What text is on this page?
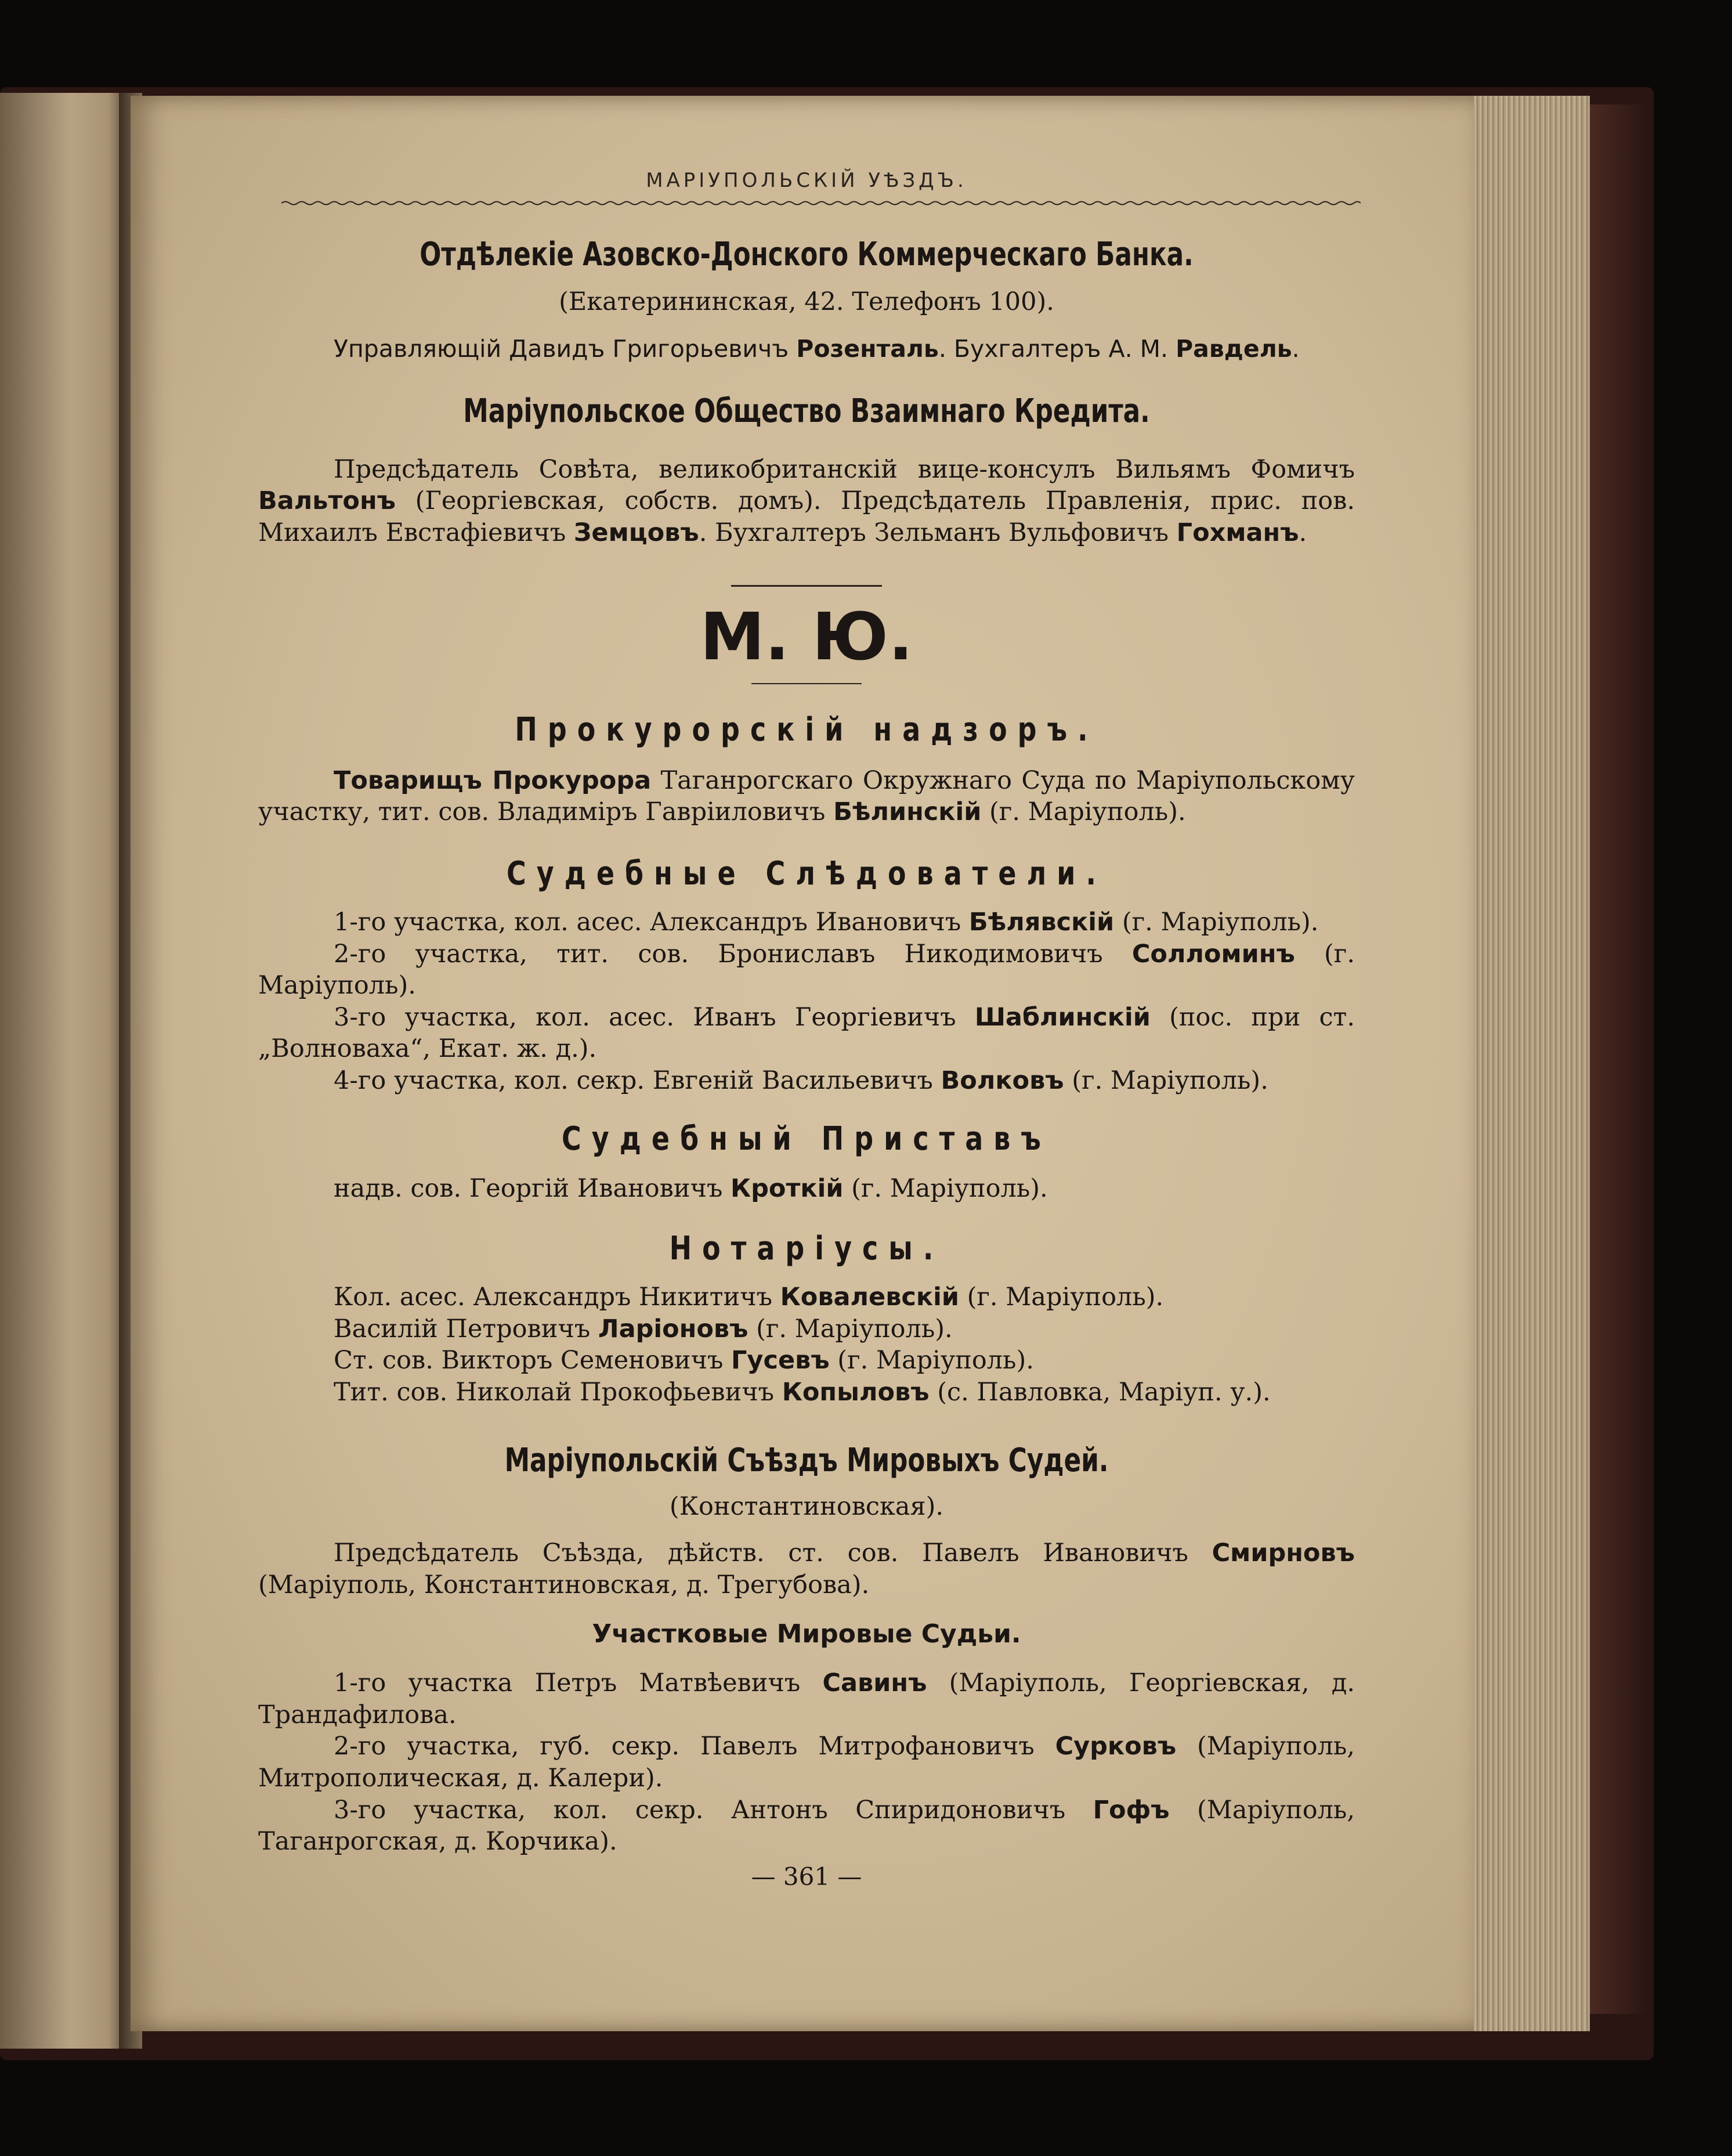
МАРІУПОЛЬСКІЙ УѢЗДЪ.
Отдѣлекіе Азовско-Донского Коммерческаго Банка.
(Екатерининская, 42. Телефонъ 100).

Управляющій Давидъ Григорьевичъ Розенталь. Бухгалтеръ А. М. Равдель.

Маріупольское Общество Взаимнаго Кредита.

Предсѣдатель Совѣта, великобританскій вице-консулъ Вильямъ Фомичъ Вальтонъ (Георгіевская, собств. домъ). Предсѣдатель Правленія, прис. пов. Михаилъ Евстафіевичъ Земцовъ. Бухгалтеръ Зельманъ Вульфовичъ Гохманъ.

М. Ю.
Прокурорскій надзоръ.

Товарищъ Прокурора Таганрогскаго Окружнаго Суда по Маріупольскому участку, тит. сов. Владиміръ Гавріиловичъ Бѣлинскій (г. Маріуполь).

Судебные Слѣдователи.

1-го участка, кол. асес. Александръ Ивановичъ Бѣлявскій (г. Маріуполь).

2-го участка, тит. сов. Брониславъ Никодимовичъ Солломинъ (г. Маріуполь).

3-го участка, кол. асес. Иванъ Георгіевичъ Шаблинскій (пос. при ст. „Волноваха“, Екат. ж. д.).

4-го участка, кол. секр. Евгеній Васильевичъ Волковъ (г. Маріуполь).

Судебный Приставъ

надв. сов. Георгій Ивановичъ Кроткій (г. Маріуполь).

Нотаріусы.

Кол. асес. Александръ Никитичъ Ковалевскій (г. Маріуполь).

Василій Петровичъ Ларіоновъ (г. Маріуполь).

Ст. сов. Викторъ Семеновичъ Гусевъ (г. Маріуполь).

Тит. сов. Николай Прокофьевичъ Копыловъ (с. Павловка, Маріуп. у.).

Маріупольскій Съѣздъ Мировыхъ Судей.
(Константиновская).

Предсѣдатель Съѣзда, дѣйств. ст. сов. Павелъ Ивановичъ Смирновъ (Маріуполь, Константиновская, д. Трегубова).

Участковые Мировые Судьи.

1-го участка Петръ Матвѣевичъ Савинъ (Маріуполь, Георгіевская, д. Трандафилова.

2-го участка, губ. секр. Павелъ Митрофановичъ Сурковъ (Маріуполь, Митрополическая, д. Калери).

3-го участка, кол. секр. Антонъ Спиридоновичъ Гофъ (Маріуполь, Таганрогская, д. Корчика).

— 361 —
